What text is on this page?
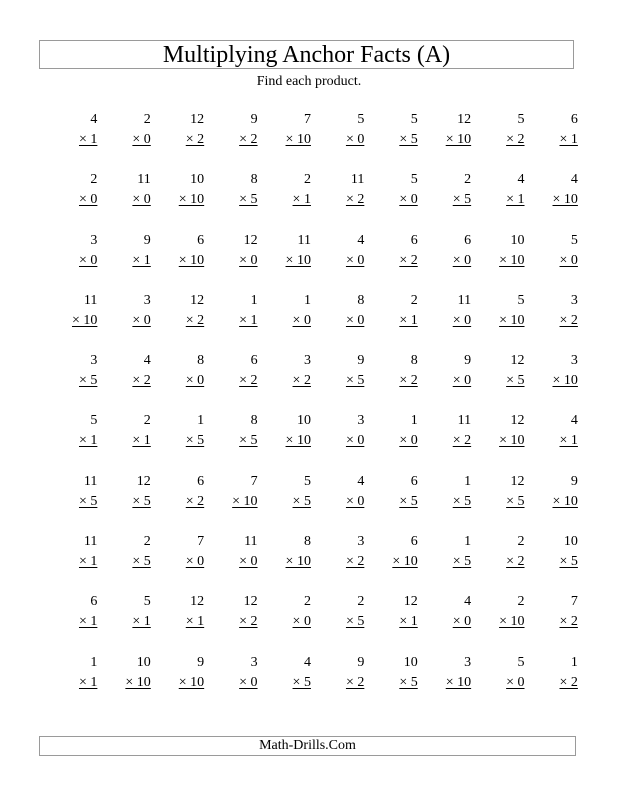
Multiplying Anchor Facts (A)
Find each product.
4
× 1
2
× 0
12
× 2
9
× 2
7
× 10
5
× 0
5
× 5
12
× 10
5
× 2
6
× 1
2
× 0
11
× 0
10
× 10
8
× 5
2
× 1
11
× 2
5
× 0
2
× 5
4
× 1
4
× 10
3
× 0
9
× 1
6
× 10
12
× 0
11
× 10
4
× 0
6
× 2
6
× 0
10
× 10
5
× 0
11
× 10
3
× 0
12
× 2
1
× 1
1
× 0
8
× 0
2
× 1
11
× 0
5
× 10
3
× 2
3
× 5
4
× 2
8
× 0
6
× 2
3
× 2
9
× 5
8
× 2
9
× 0
12
× 5
3
× 10
5
× 1
2
× 1
1
× 5
8
× 5
10
× 10
3
× 0
1
× 0
11
× 2
12
× 10
4
× 1
11
× 5
12
× 5
6
× 2
7
× 10
5
× 5
4
× 0
6
× 5
1
× 5
12
× 5
9
× 10
11
× 1
2
× 5
7
× 0
11
× 0
8
× 10
3
× 2
6
× 10
1
× 5
2
× 2
10
× 5
6
× 1
5
× 1
12
× 1
12
× 2
2
× 0
2
× 5
12
× 1
4
× 0
2
× 10
7
× 2
1
× 1
10
× 10
9
× 10
3
× 0
4
× 5
9
× 2
10
× 5
3
× 10
5
× 0
1
× 2
Math-Drills.Com
